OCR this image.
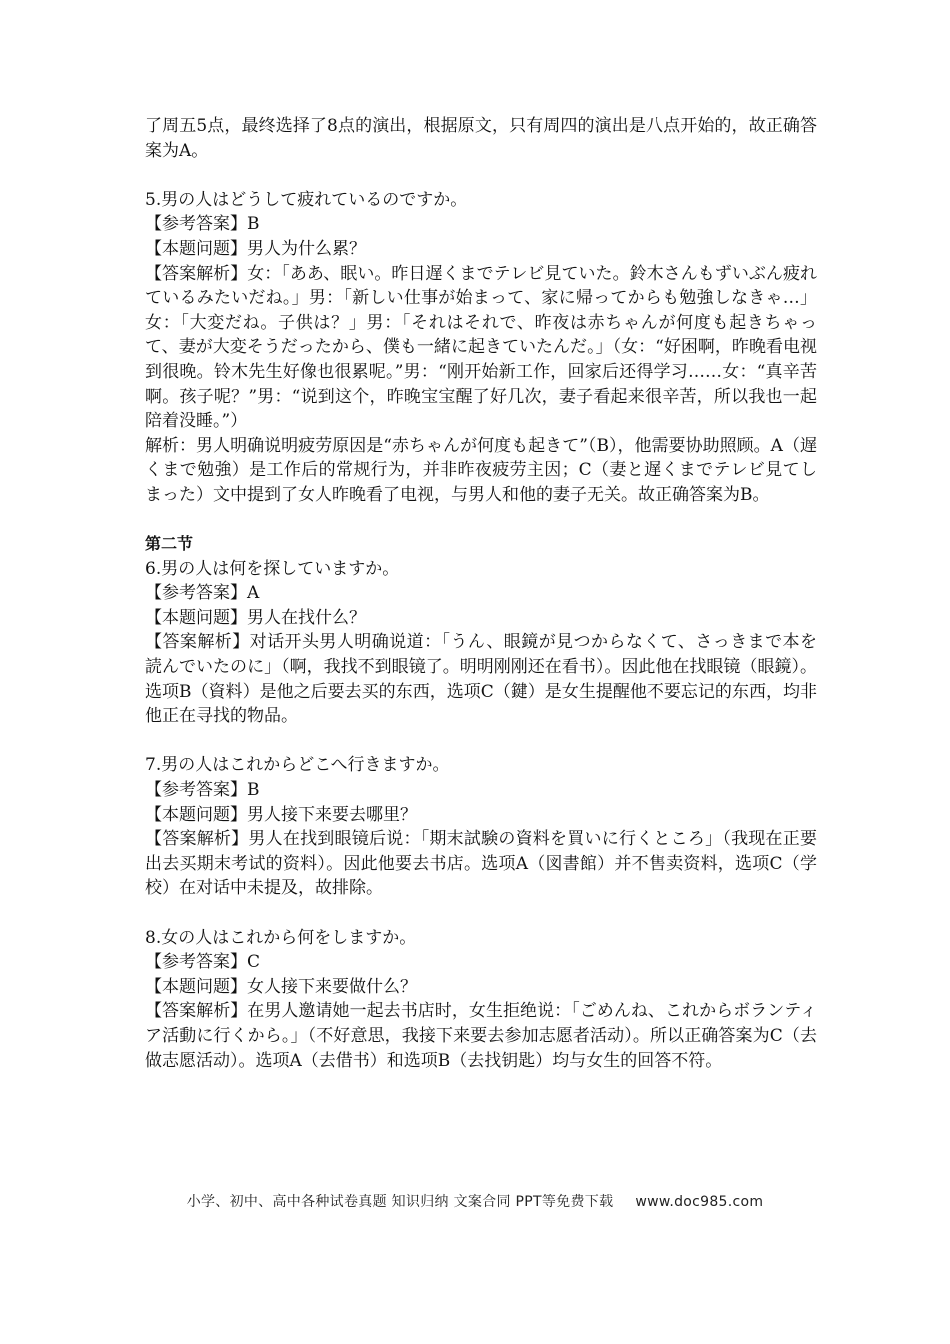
了周五5点，最终选择了8点的演出，根据原文，只有周四的演出是八点开始的，故正确答案为A。

5.男の人はどうして疲れているのですか。

【参考答案】B

【本题问题】男人为什么累？

【答案解析】女：「ああ、眠い。昨日遅くまでテレビ見ていた。鈴木さんもずいぶん疲れているみたいだね。」男：「新しい仕事が始まって、家に帰ってからも勉強しなきゃ…」女：「大変だね。子供は？」男：「それはそれで、昨夜は赤ちゃんが何度も起きちゃって、妻が大変そうだったから、僕も一緒に起きていたんだ。」（女：“好困啊，昨晚看电视到很晚。铃木先生好像也很累呢。”男：“刚开始新工作，回家后还得学习……女：“真辛苦啊。孩子呢？”男：“说到这个，昨晚宝宝醒了好几次，妻子看起来很辛苦，所以我也一起陪着没睡。”）

解析：男人明确说明疲劳原因是“赤ちゃんが何度も起きて”（B），他需要协助照顾。A（遅くまで勉強）是工作后的常规行为，并非昨夜疲劳主因；C（妻と遅くまでテレビ見てしまった）文中提到了女人昨晚看了电视，与男人和他的妻子无关。故正确答案为B。

第二节

6.男の人は何を探していますか。

【参考答案】A

【本题问题】男人在找什么？

【答案解析】对话开头男人明确说道：「うん、眼鏡が見つからなくて、さっきまで本を読んでいたのに」（啊，我找不到眼镜了。明明刚刚还在看书）。因此他在找眼镜（眼鏡）。选项B（資料）是他之后要去买的东西，选项C（鍵）是女生提醒他不要忘记的东西，均非他正在寻找的物品。

7.男の人はこれからどこへ行きますか。

【参考答案】B

【本题问题】男人接下来要去哪里？

【答案解析】男人在找到眼镜后说：「期末試験の資料を買いに行くところ」（我现在正要出去买期末考试的资料）。因此他要去书店。选项A（図書館）并不售卖资料，选项C（学校）在对话中未提及，故排除。

8.女の人はこれから何をしますか。

【参考答案】C

【本题问题】女人接下来要做什么？

【答案解析】在男人邀请她一起去书店时，女生拒绝说：「ごめんね、これからボランティア活動に行くから。」（不好意思，我接下来要去参加志愿者活动）。所以正确答案为C（去做志愿活动）。选项A（去借书）和选项B（去找钥匙）均与女生的回答不符。

小学、初中、高中各种试卷真题 知识归纳 文案合同 PPT等免费下载 www.doc985.com
